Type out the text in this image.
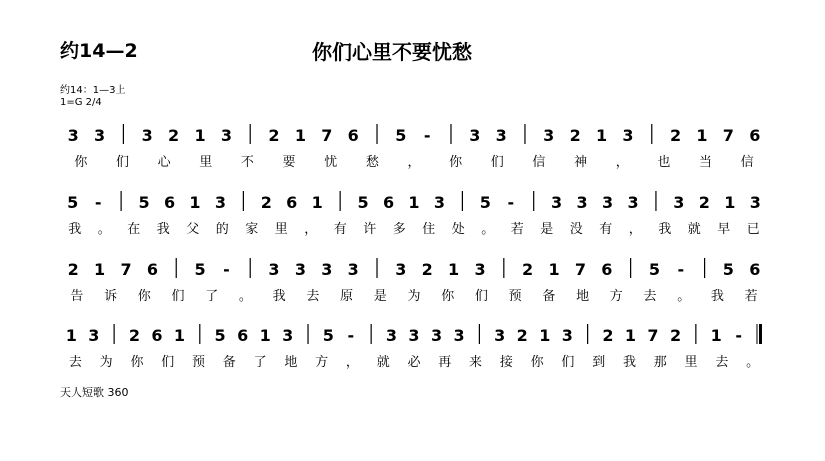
约14—2	你们心里不要忧愁
约14：1—3上
1=G 2/4
3 3 3 2 1 3 2 1 7 6 5 - 3 3 3 2 1 3 2 1 7 6
你 们 心 里 不 要 忧 愁 ， 你 们 信 神 ， 也 当 信
5 - 5 6 1 3 2 6 1 5 6 1 3 5 - 3 3 3 3 3 2 1 3
我 。 在 我 父 的 家 里 ， 有 许 多 住 处 。 若 是 没 有 ， 我 就 早 已
2 1 7 6 5 - 3 3 3 3 3 2 1 3 2 1 7 6 5 - 5 6
告 诉 你 们 了 。 我 去 原 是 为 你 们 预 备 地 方 去 。 我 若
1 3 2 6 1 5 6 1 3 5 - 3 3 3 3 3 2 1 3 2 1 7 2 1 -
去 为 你 们 预 备 了 地 方 ， 就 必 再 来 接 你 们 到 我 那 里 去 。
天人短歌 360
